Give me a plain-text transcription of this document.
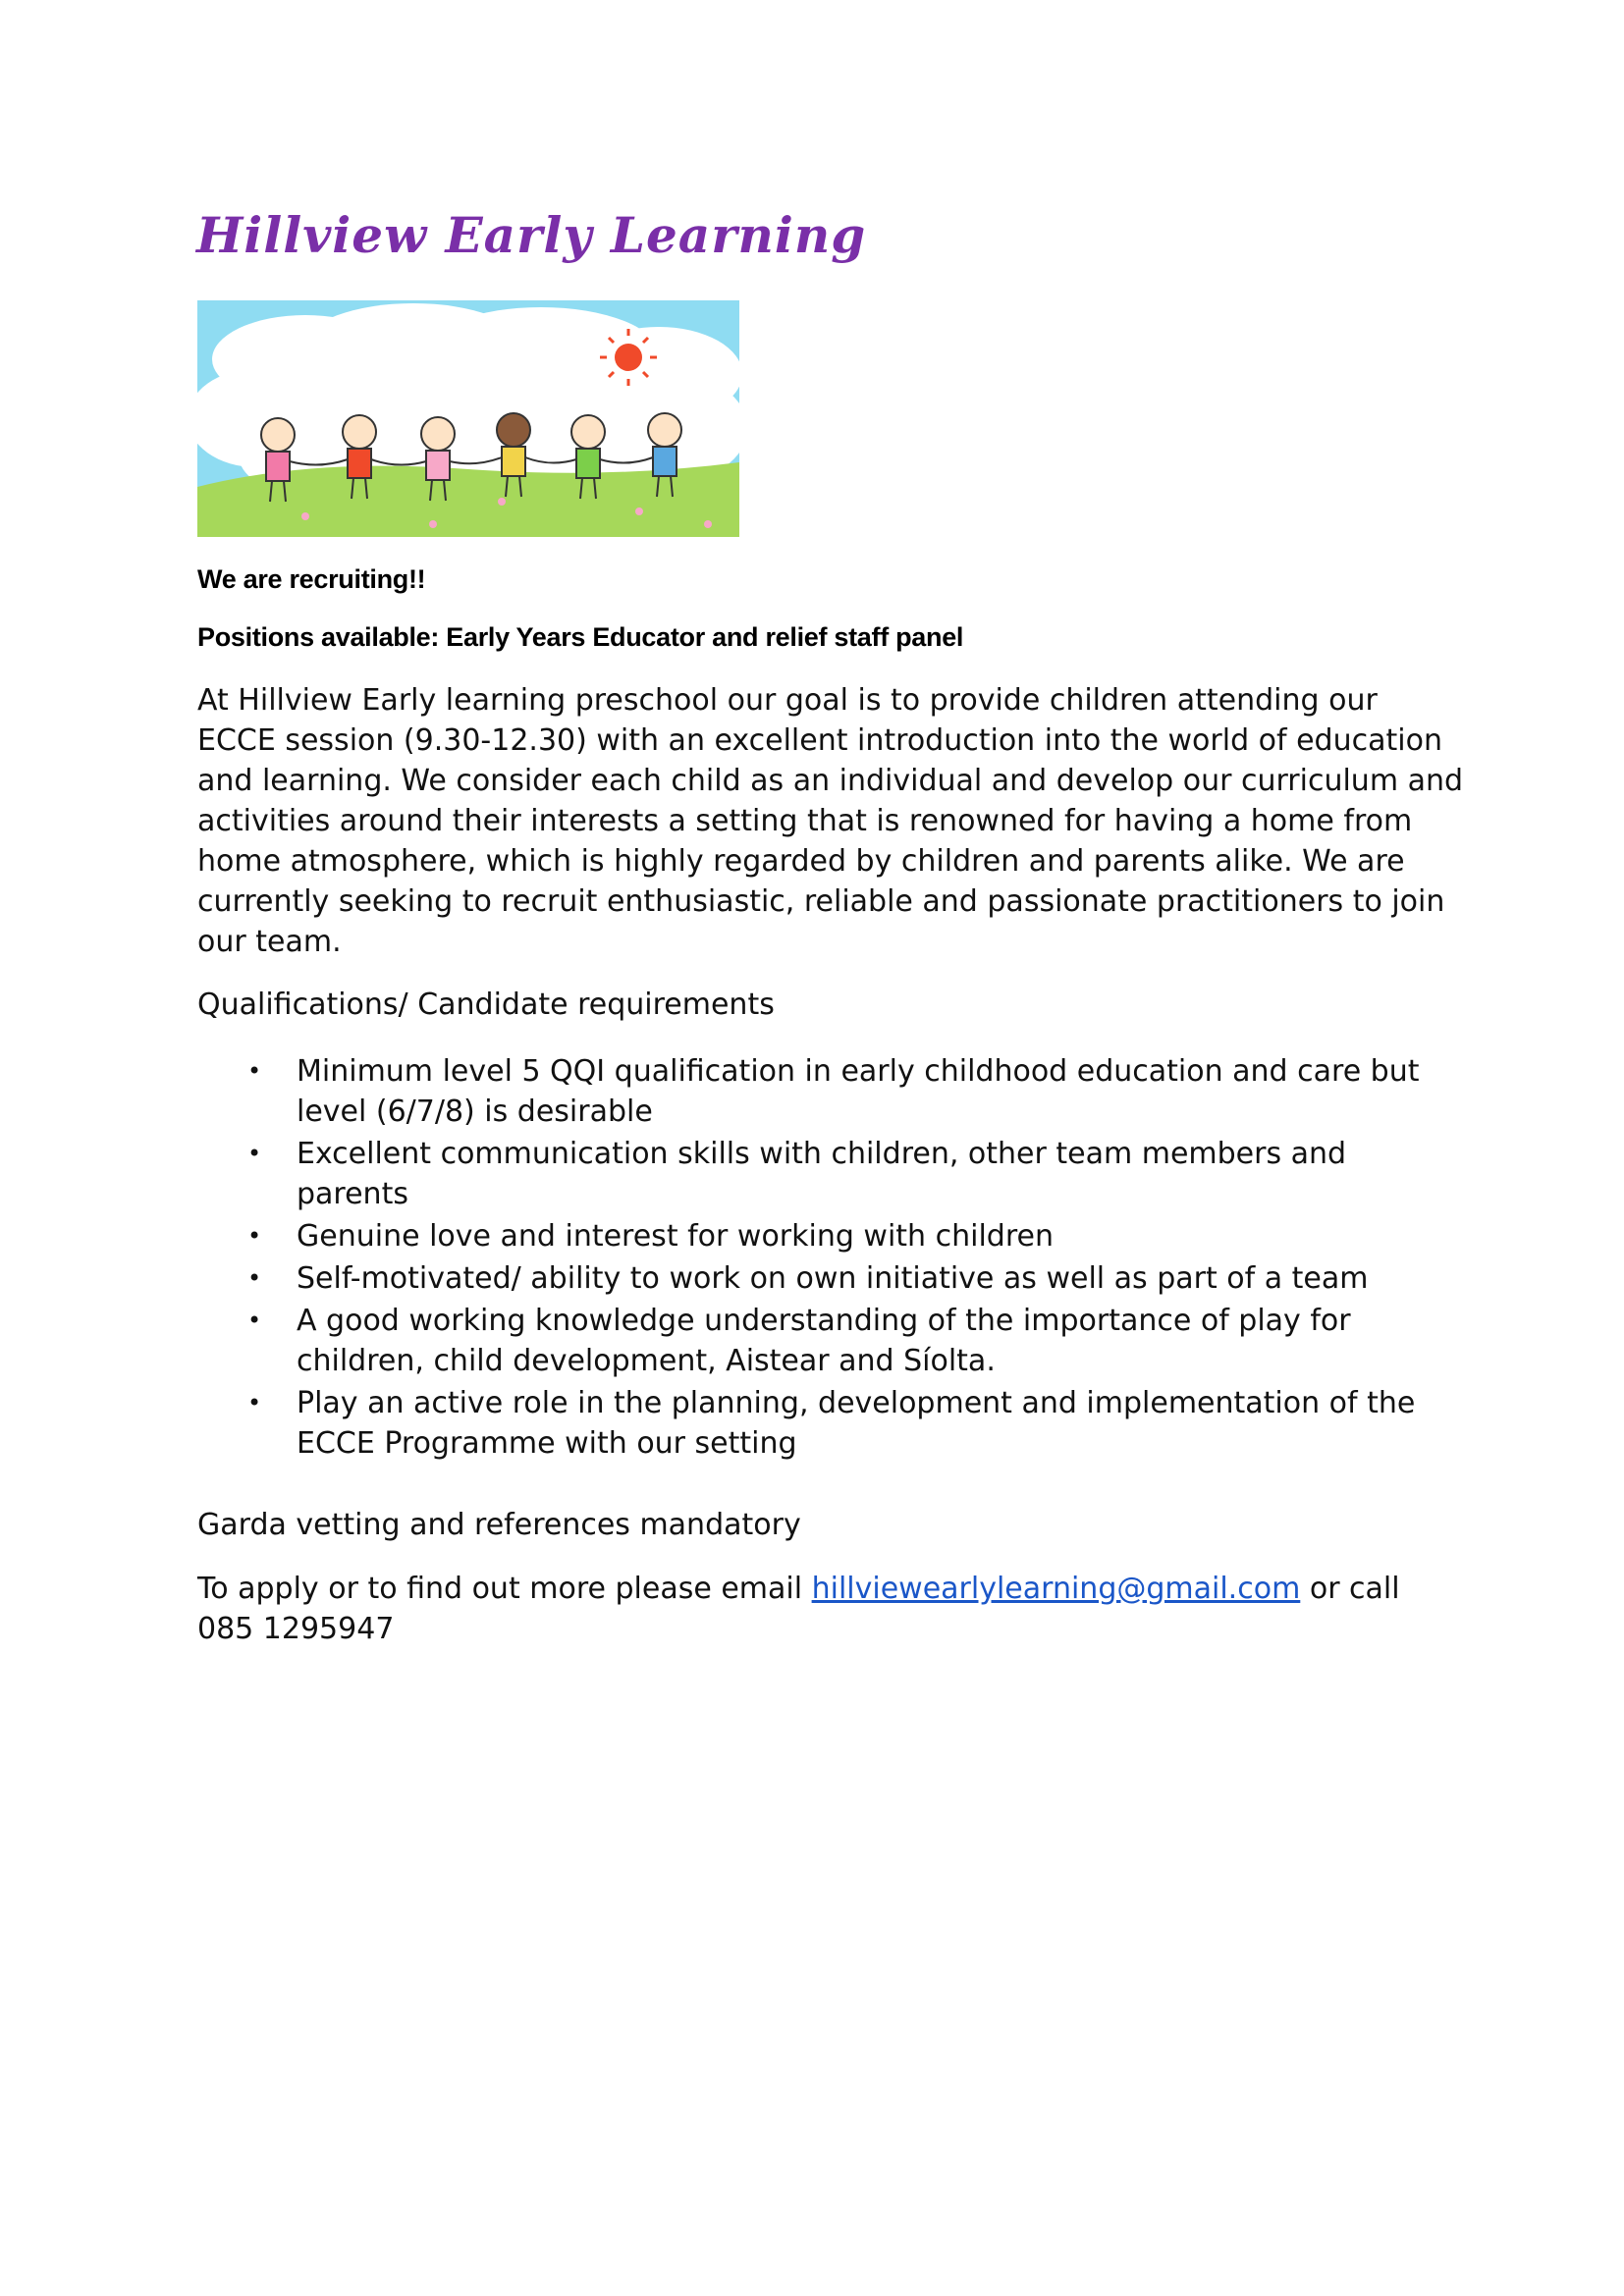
Hillview Early Learning

We are recruiting!!

Positions available: Early Years Educator and relief staff panel

At Hillview Early learning preschool our goal is to provide children attending our ECCE session (9.30-12.30) with an excellent introduction into the world of education and learning. We consider each child as an individual and develop our curriculum and activities around their interests a setting that is renowned for having a home from home atmosphere, which is highly regarded by children and parents alike. We are currently seeking to recruit enthusiastic, reliable and passionate practitioners to join our team.

Qualifications/ Candidate requirements

• Minimum level 5 QQI qualification in early childhood education and care but level (6/7/8) is desirable
• Excellent communication skills with children, other team members and parents
• Genuine love and interest for working with children
• Self-motivated/ ability to work on own initiative as well as part of a team
• A good working knowledge understanding of the importance of play for children, child development, Aistear and Síolta.
• Play an active role in the planning, development and implementation of the ECCE Programme with our setting

Garda vetting and references mandatory

To apply or to find out more please email hillviewearlylearning@gmail.com or call 085 1295947
